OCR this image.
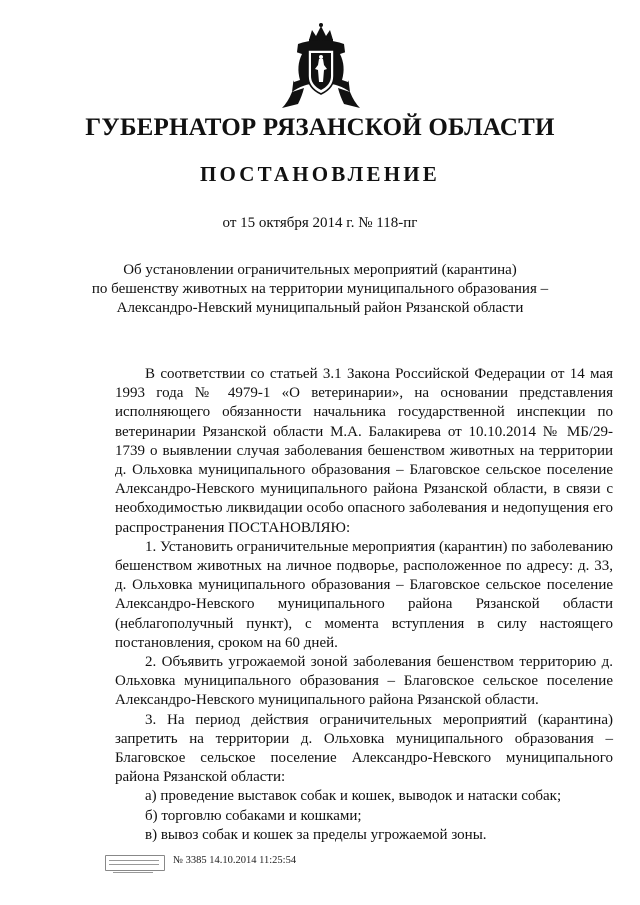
ГУБЕРНАТОР РЯЗАНСКОЙ ОБЛАСТИ
ПОСТАНОВЛЕНИЕ
от 15 октября 2014 г. № 118-пг
Об установлении ограничительных мероприятий (карантина)
по бешенству животных на территории муниципального образования –
Александро-Невский муниципальный район Рязанской области

В соответствии со статьей 3.1 Закона Российской Федерации от 14 мая 1993 года № 4979-1 «О ветеринарии», на основании представления исполняющего обязанности начальника государственной инспекции по ветеринарии Рязанской области М.А. Балакирева от 10.10.2014 № МБ/29-1739 о выявлении случая заболевания бешенством животных на территории д. Ольховка муниципального образования – Благовское сельское поселение Александро-Невского муниципального района Рязанской области, в связи с необходимостью ликвидации особо опасного заболевания и недопущения его распространения ПОСТАНОВЛЯЮ:

1. Установить ограничительные мероприятия (карантин) по заболеванию бешенством животных на личное подворье, расположенное по адресу: д. 33, д. Ольховка муниципального образования – Благовское сельское поселение Александро-Невского муниципального района Рязанской области (неблагополучный пункт), с момента вступления в силу настоящего постановления, сроком на 60 дней.

2. Объявить угрожаемой зоной заболевания бешенством территорию д. Ольховка муниципального образования – Благовское сельское поселение Александро-Невского муниципального района Рязанской области.

3. На период действия ограничительных мероприятий (карантина) запретить на территории д. Ольховка муниципального образования – Благовское сельское поселение Александро-Невского муниципального района Рязанской области:

а) проведение выставок собак и кошек, выводок и натаски собак;

б) торговлю собаками и кошками;

в) вывоз собак и кошек за пределы угрожаемой зоны.

№ 3385 14.10.2014 11:25:54
